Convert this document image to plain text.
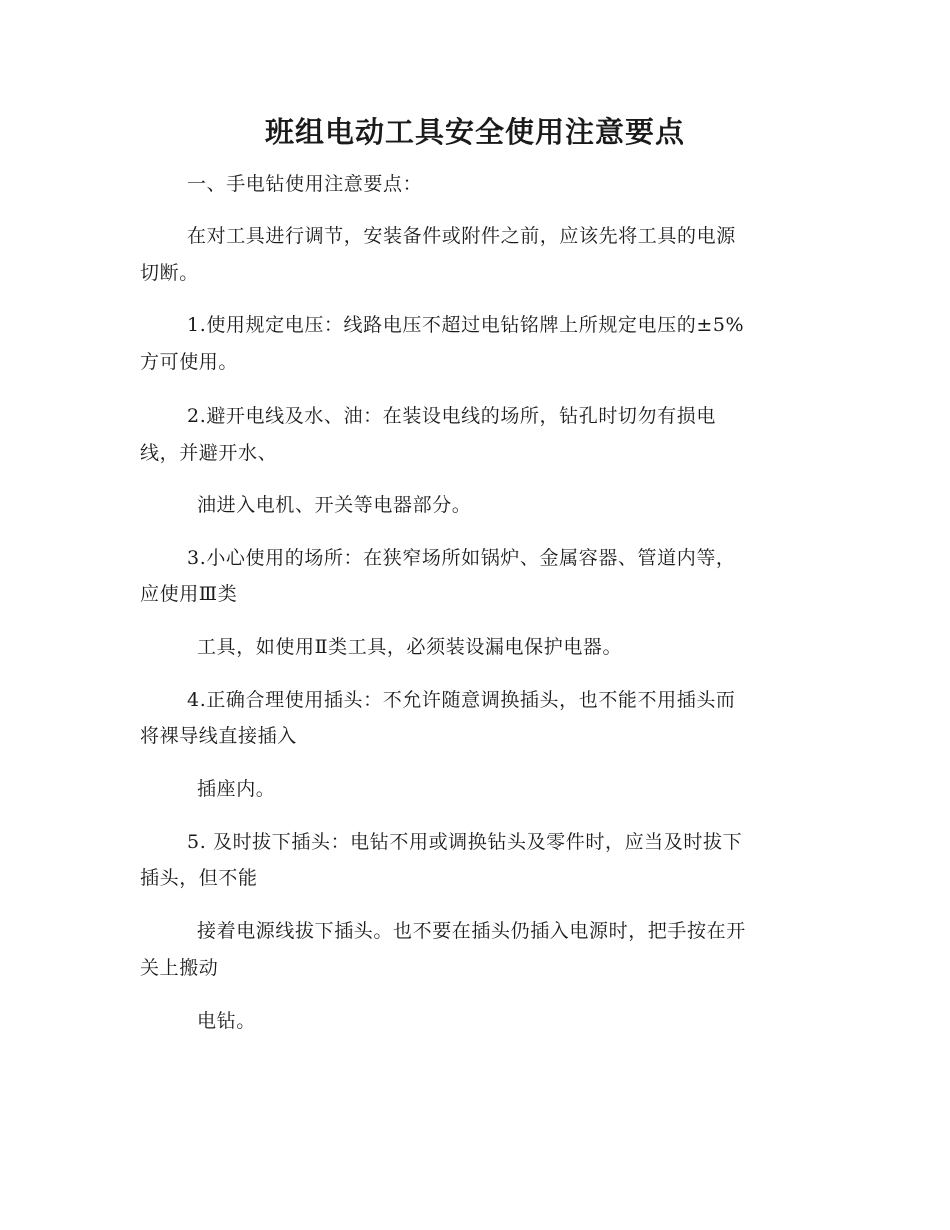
班组电动工具安全使用注意要点
一、手电钻使用注意要点：
在对工具进行调节，安装备件或附件之前，应该先将工具的电源
切断。
1.使用规定电压：线路电压不超过电钻铭牌上所规定电压的±5%
方可使用。
2.避开电线及水、油：在装设电线的场所，钻孔时切勿有损电
线，并避开水、
油进入电机、开关等电器部分。
3.小心使用的场所：在狭窄场所如锅炉、金属容器、管道内等，
应使用Ⅲ类
工具，如使用Ⅱ类工具，必须装设漏电保护电器。
4.正确合理使用插头：不允许随意调换插头，也不能不用插头而
将裸导线直接插入
插座内。
5. 及时拔下插头：电钻不用或调换钻头及零件时，应当及时拔下
插头，但不能
接着电源线拔下插头。也不要在插头仍插入电源时，把手按在开
关上搬动
电钻。
